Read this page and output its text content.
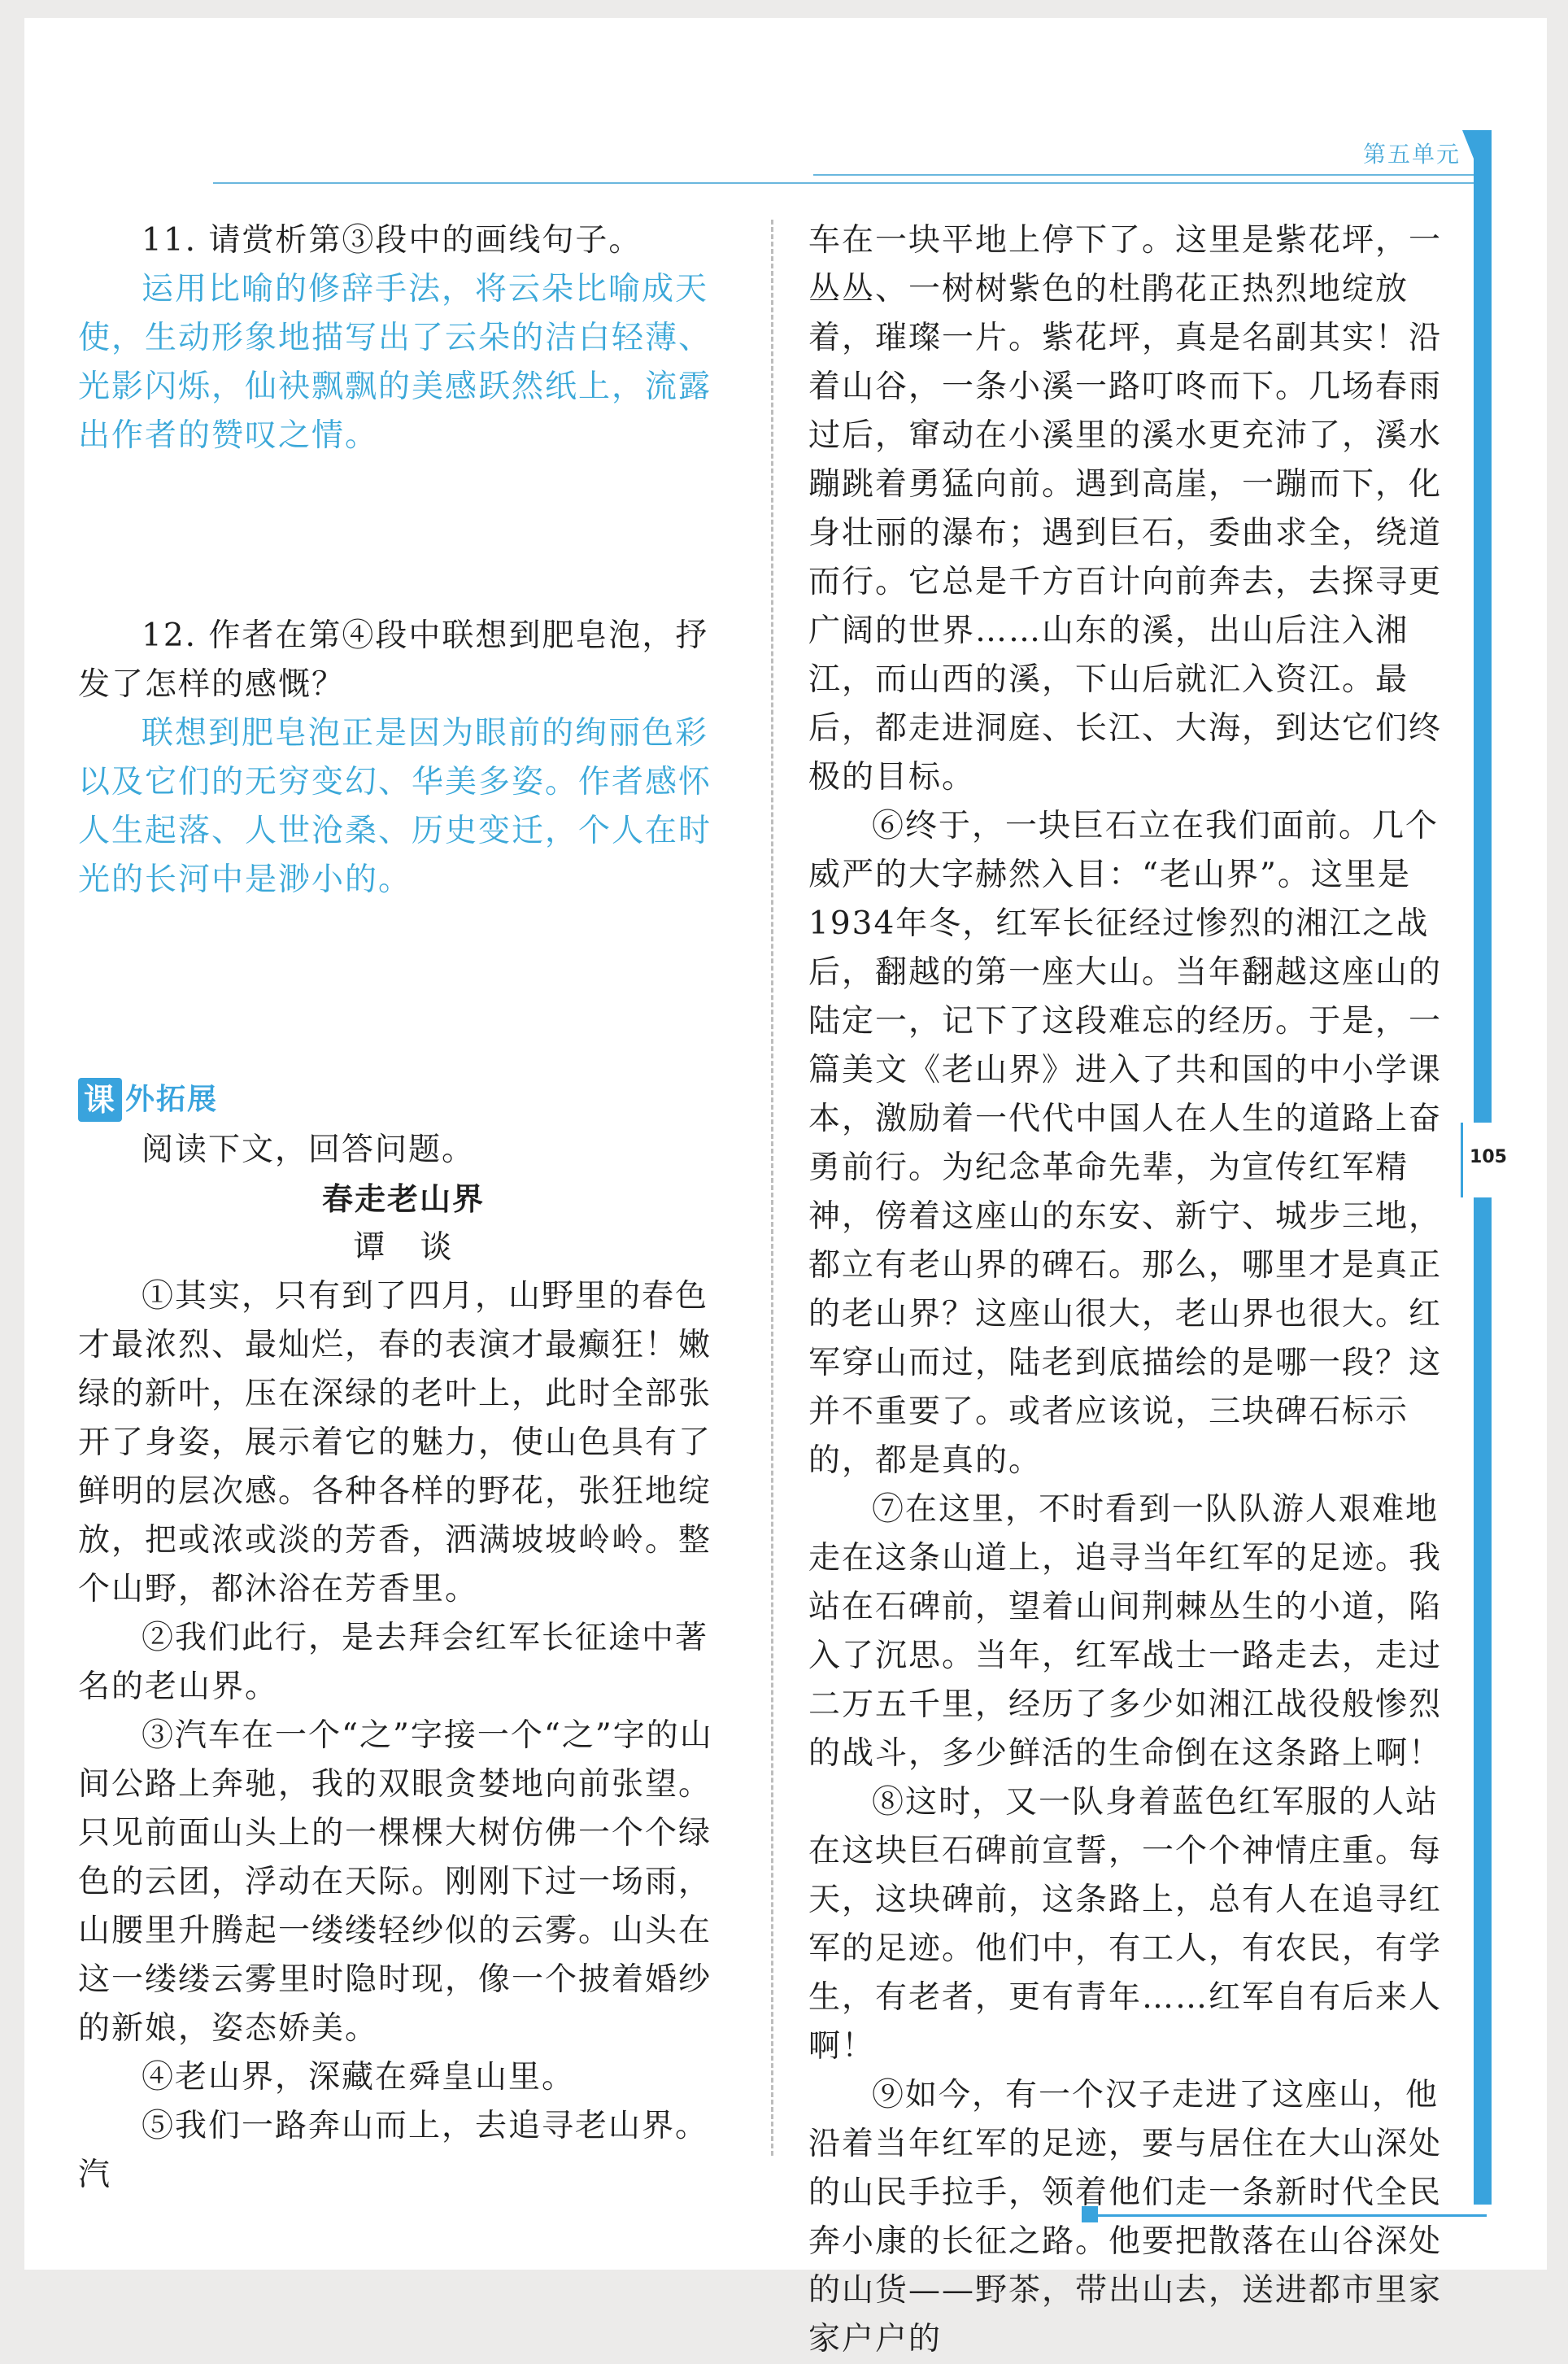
第五单元
105

11. 请赏析第③段中的画线句子。

运用比喻的修辞手法，将云朵比喻成天使，生动形象地描写出了云朵的洁白轻薄、光影闪烁，仙袂飘飘的美感跃然纸上，流露出作者的赞叹之情。

12. 作者在第④段中联想到肥皂泡，抒发了怎样的感慨？

联想到肥皂泡正是因为眼前的绚丽色彩以及它们的无穷变幻、华美多姿。作者感怀人生起落、人世沧桑、历史变迁，个人在时光的长河中是渺小的。

课 外拓展

阅读下文，回答问题。

春走老山界

谭　谈

①其实，只有到了四月，山野里的春色才最浓烈、最灿烂，春的表演才最癫狂！嫩绿的新叶，压在深绿的老叶上，此时全部张开了身姿，展示着它的魅力，使山色具有了鲜明的层次感。各种各样的野花，张狂地绽放，把或浓或淡的芳香，洒满坡坡岭岭。整个山野，都沐浴在芳香里。

②我们此行，是去拜会红军长征途中著名的老山界。

③汽车在一个“之”字接一个“之”字的山间公路上奔驰，我的双眼贪婪地向前张望。只见前面山头上的一棵棵大树仿佛一个个绿色的云团，浮动在天际。刚刚下过一场雨，山腰里升腾起一缕缕轻纱似的云雾。山头在这一缕缕云雾里时隐时现，像一个披着婚纱的新娘，姿态娇美。

④老山界，深藏在舜皇山里。

⑤我们一路奔山而上，去追寻老山界。汽

车在一块平地上停下了。这里是紫花坪，一丛丛、一树树紫色的杜鹃花正热烈地绽放着，璀璨一片。紫花坪，真是名副其实！沿着山谷，一条小溪一路叮咚而下。几场春雨过后，窜动在小溪里的溪水更充沛了，溪水蹦跳着勇猛向前。遇到高崖，一蹦而下，化身壮丽的瀑布；遇到巨石，委曲求全，绕道而行。它总是千方百计向前奔去，去探寻更广阔的世界……山东的溪，出山后注入湘江，而山西的溪，下山后就汇入资江。最后，都走进洞庭、长江、大海，到达它们终极的目标。

⑥终于，一块巨石立在我们面前。几个威严的大字赫然入目：“老山界”。这里是1934年冬，红军长征经过惨烈的湘江之战后，翻越的第一座大山。当年翻越这座山的陆定一，记下了这段难忘的经历。于是，一篇美文《老山界》进入了共和国的中小学课本，激励着一代代中国人在人生的道路上奋勇前行。为纪念革命先辈，为宣传红军精神，傍着这座山的东安、新宁、城步三地，都立有老山界的碑石。那么，哪里才是真正的老山界？这座山很大，老山界也很大。红军穿山而过，陆老到底描绘的是哪一段？这并不重要了。或者应该说，三块碑石标示的，都是真的。

⑦在这里，不时看到一队队游人艰难地走在这条山道上，追寻当年红军的足迹。我站在石碑前，望着山间荆棘丛生的小道，陷入了沉思。当年，红军战士一路走去，走过二万五千里，经历了多少如湘江战役般惨烈的战斗，多少鲜活的生命倒在这条路上啊！

⑧这时，又一队身着蓝色红军服的人站在这块巨石碑前宣誓，一个个神情庄重。每天，这块碑前，这条路上，总有人在追寻红军的足迹。他们中，有工人，有农民，有学生，有老者，更有青年……红军自有后来人啊！

⑨如今，有一个汉子走进了这座山，他沿着当年红军的足迹，要与居住在大山深处的山民手拉手，领着他们走一条新时代全民奔小康的长征之路。他要把散落在山谷深处的山货——野茶，带出山去，送进都市里家家户户的
